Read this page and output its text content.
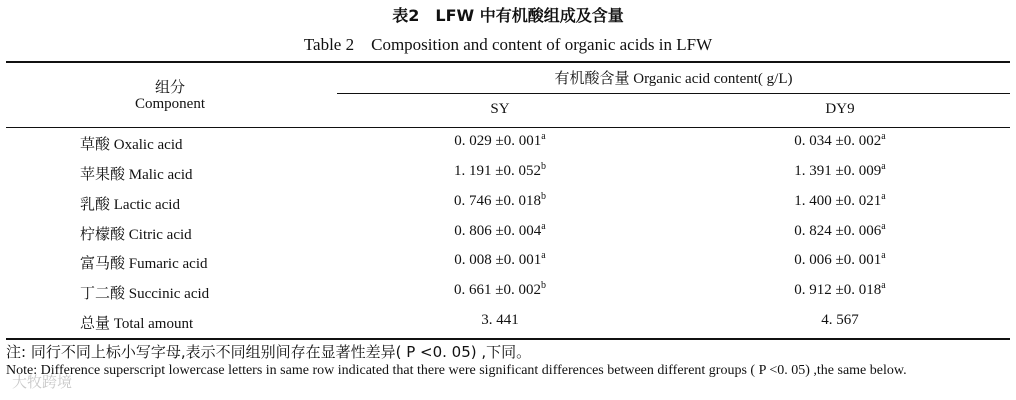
表2　LFW 中有机酸组成及含量
Table 2　Composition and content of organic acids in LFW
组分
Component
有机酸含量 Organic acid content( g/L)
SY	DY9
草酸 Oxalic acid	0. 029 ±0. 001$^a$	0. 034 ±0. 002$^a$
苹果酸 Malic acid	1. 191 ±0. 052$^b$	1. 391 ±0. 009$^a$
乳酸 Lactic acid	0. 746 ±0. 018$^b$	1. 400 ±0. 021$^a$
柠檬酸 Citric acid	0. 806 ±0. 004$^a$	0. 824 ±0. 006$^a$
富马酸 Fumaric acid	0. 008 ±0. 001$^a$	0. 006 ±0. 001$^a$
丁二酸 Succinic acid	0. 661 ±0. 002$^b$	0. 912 ±0. 018$^a$
总量 Total amount	3. 441	4. 567
注: 同行不同上标小写字母,表示不同组别间存在显著性差异( P <0. 05) ,下同。
Note: Difference superscript lowercase letters in same row indicated that there were significant differences between different groups ( P <0. 05) ,the same below.
大牧跨境
